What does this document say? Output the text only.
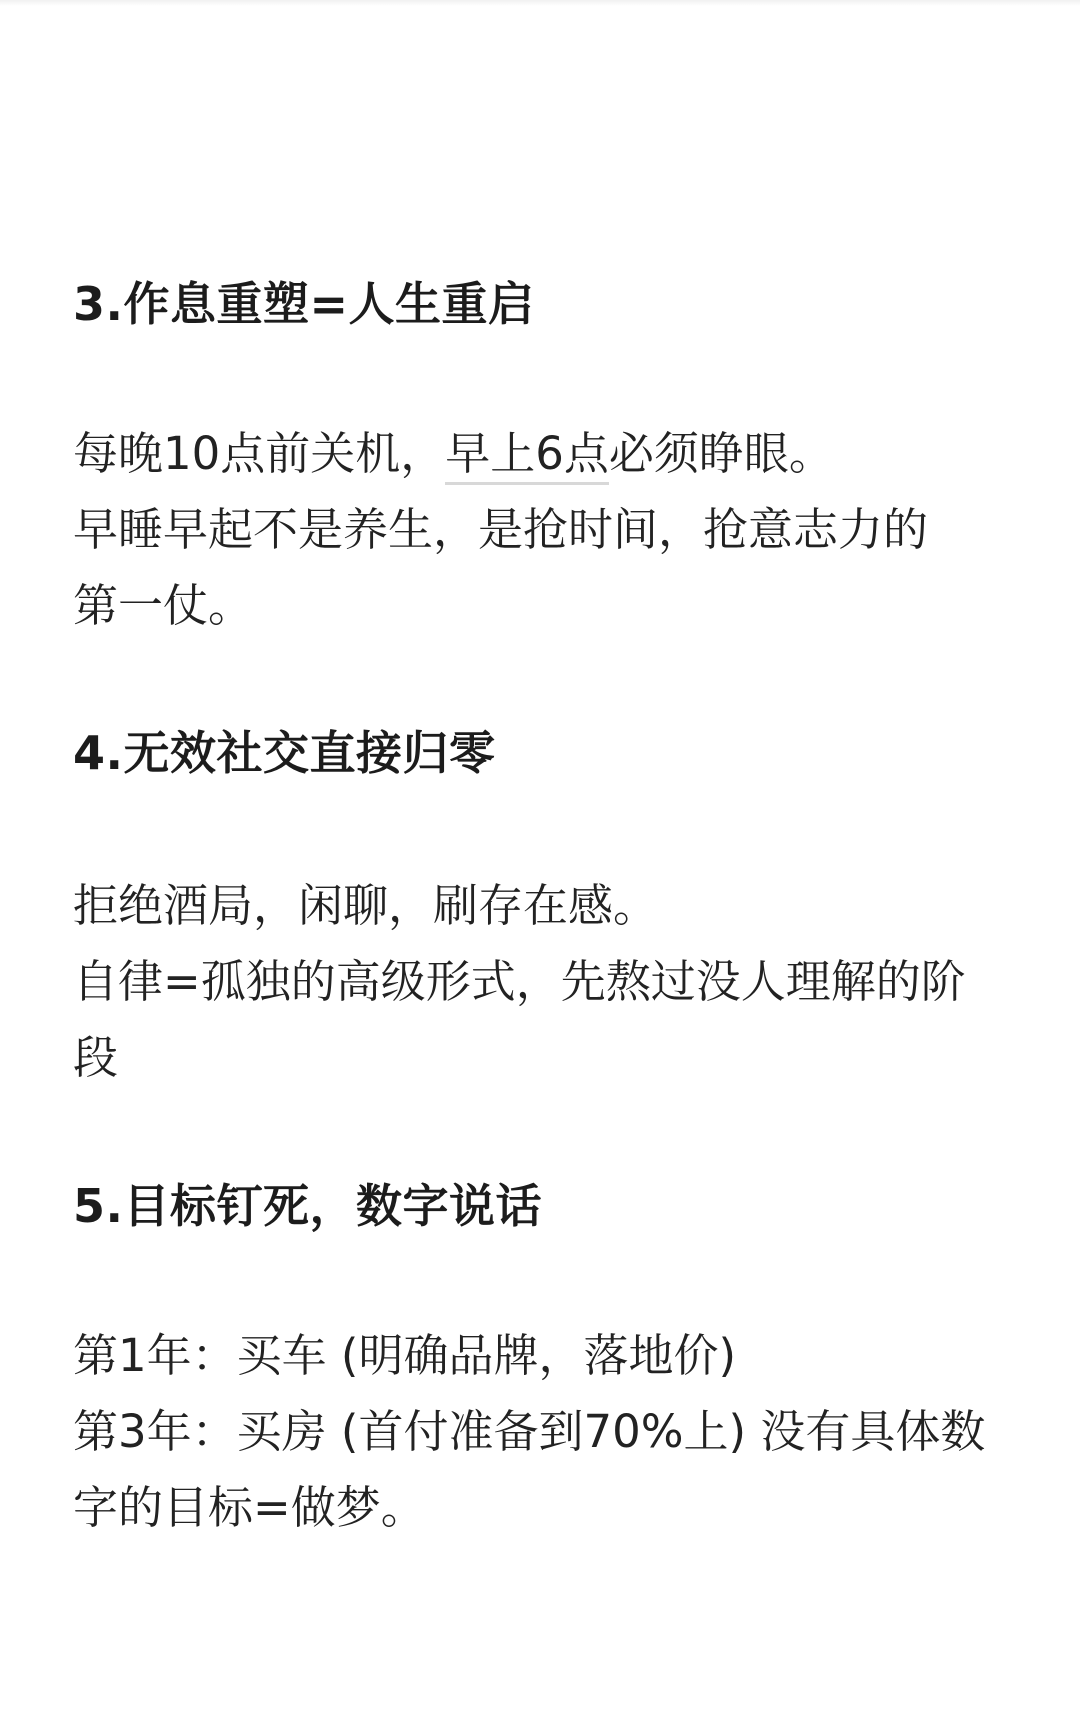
3.作息重塑=人生重启
每晚10点前关机，早上6点必须睁眼。
早睡早起不是养生，是抢时间，抢意志力的
第一仗。
4.无效社交直接归零
拒绝酒局，闲聊，刷存在感。
自律=孤独的高级形式，先熬过没人理解的阶
段
5.目标钉死，数字说话
第1年：买车 (明确品牌，落地价)
第3年：买房 (首付准备到70%上) 没有具体数
字的目标=做梦。
